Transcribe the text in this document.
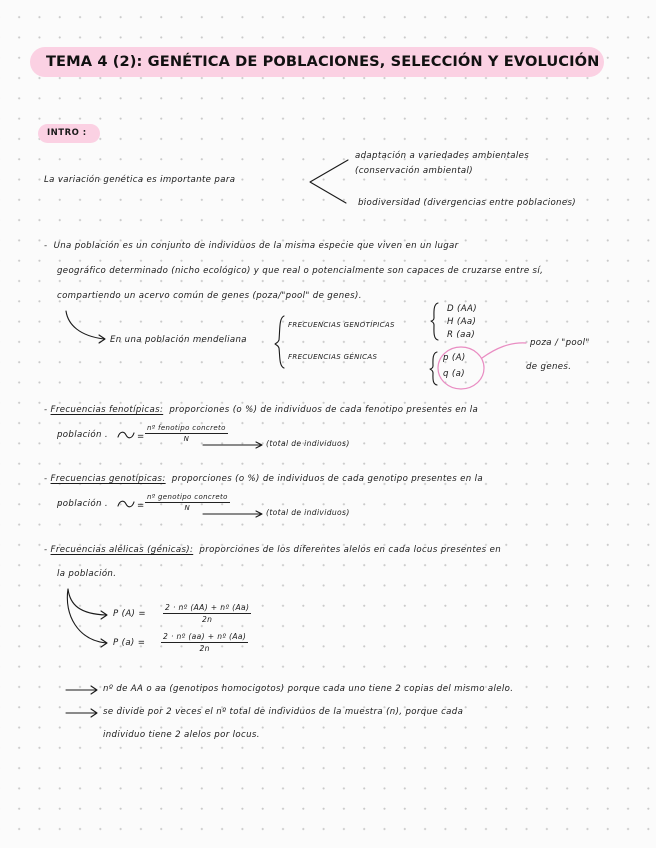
TEMA 4 (2): GENÉTICA DE POBLACIONES, SELECCIÓN Y EVOLUCIÓN
INTRO :
La variación genética es importante para
adaptación a variedades ambientales
(conservación ambiental)
biodiversidad (divergencias entre poblaciones)
-  Una población es un conjunto de individuos de la misma especie que viven en un lugar
geográfico determinado (nicho ecológico) y que real o potencialmente son capaces de cruzarse entre sí,
compartiendo un acervo común de genes (poza/"pool" de genes).
En una población mendeliana
FRECUENCIAS GENOTÍPICAS
FRECUENCIAS GÉNICAS
D (AA)
H (Aa)
R (aa)
p (A)
q (a)
poza / "pool"
de genes.
- Frecuencias fenotípicas: proporciones (o %) de individuos de cada fenotipo presentes en la
población .	=
nº fenotipo concreto
N	(total de individuos)
- Frecuencias genotípicas: proporciones (o %) de individuos de cada genotipo presentes en la
población .	=
nº genotipo concreto
N	(total de individuos)
- Frecuencias alélicas (génicas): proporciones de los diferentes alelos en cada locus presentes en
la población.
P $(A) = \frac{\text{2 · nº (AA) + nº (Aa)}}{2n}$
P $(a) = \frac{\text{2 · nº (aa) + nº (Aa)}}{2n}$
nº de AA o aa (genotipos homocigotos) porque cada uno tiene 2 copias del mismo alelo.
se divide por 2 veces el nº total de individuos de la muestra (n), porque cada
individuo tiene 2 alelos por locus.
